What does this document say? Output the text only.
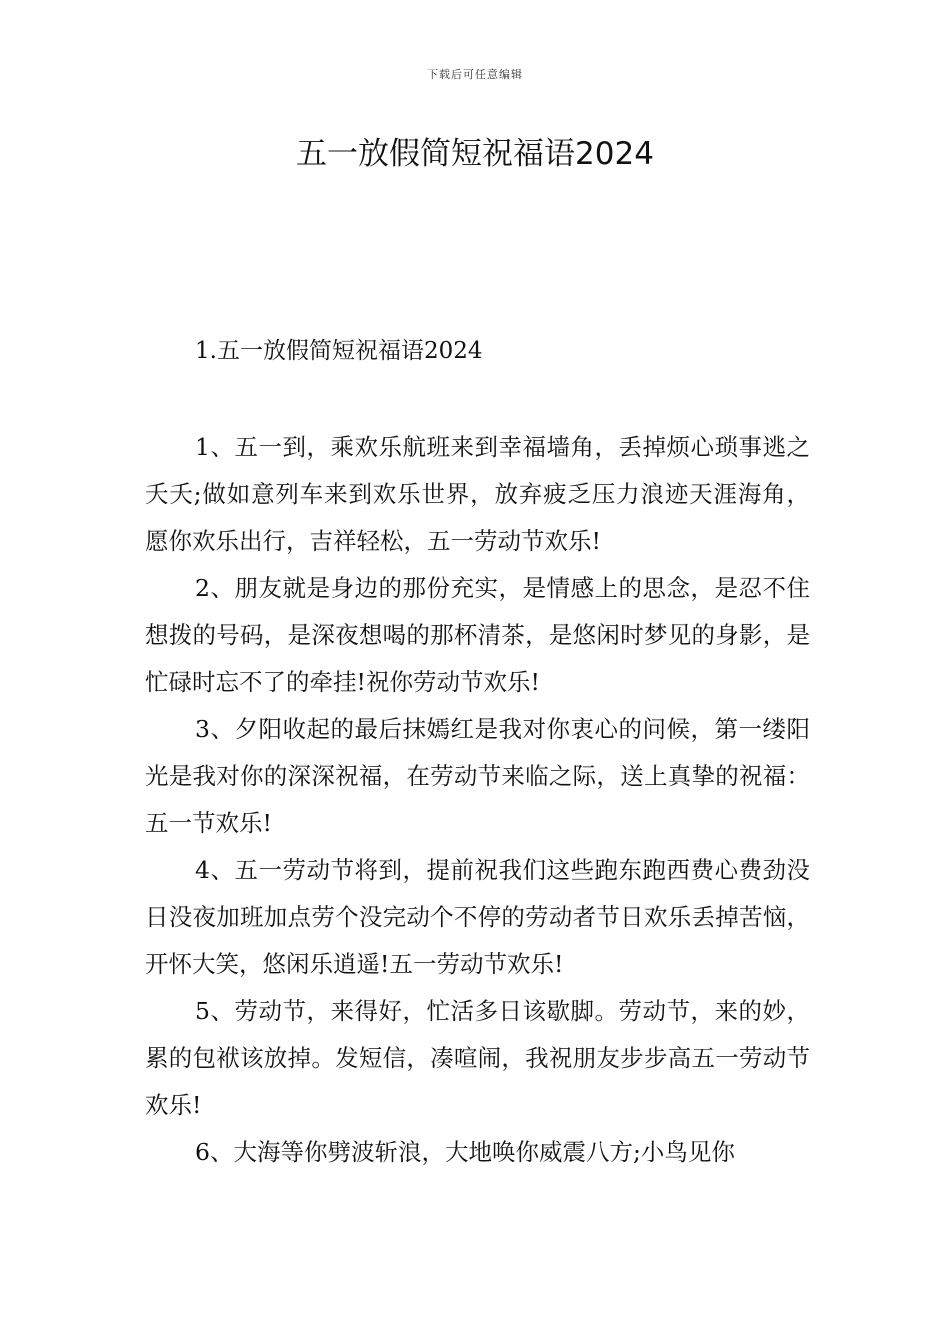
下载后可任意编辑
五一放假简短祝福语2024
1.五一放假简短祝福语2024

1、五一到，乘欢乐航班来到幸福墙角，丢掉烦心琐事逃之夭夭;做如意列车来到欢乐世界，放弃疲乏压力浪迹天涯海角，愿你欢乐出行，吉祥轻松，五一劳动节欢乐!

2、朋友就是身边的那份充实，是情感上的思念，是忍不住想拨的号码，是深夜想喝的那杯清茶，是悠闲时梦见的身影，是忙碌时忘不了的牵挂!祝你劳动节欢乐!

3、夕阳收起的最后抹嫣红是我对你衷心的问候，第一缕阳光是我对你的深深祝福，在劳动节来临之际，送上真挚的祝福：五一节欢乐!

4、五一劳动节将到，提前祝我们这些跑东跑西费心费劲没日没夜加班加点劳个没完动个不停的劳动者节日欢乐丢掉苦恼，开怀大笑，悠闲乐逍遥!五一劳动节欢乐!

5、劳动节，来得好，忙活多日该歇脚。劳动节，来的妙，累的包袱该放掉。发短信，凑喧闹，我祝朋友步步高五一劳动节欢乐!

6、大海等你劈波斩浪，大地唤你威震八方;小鸟见你
